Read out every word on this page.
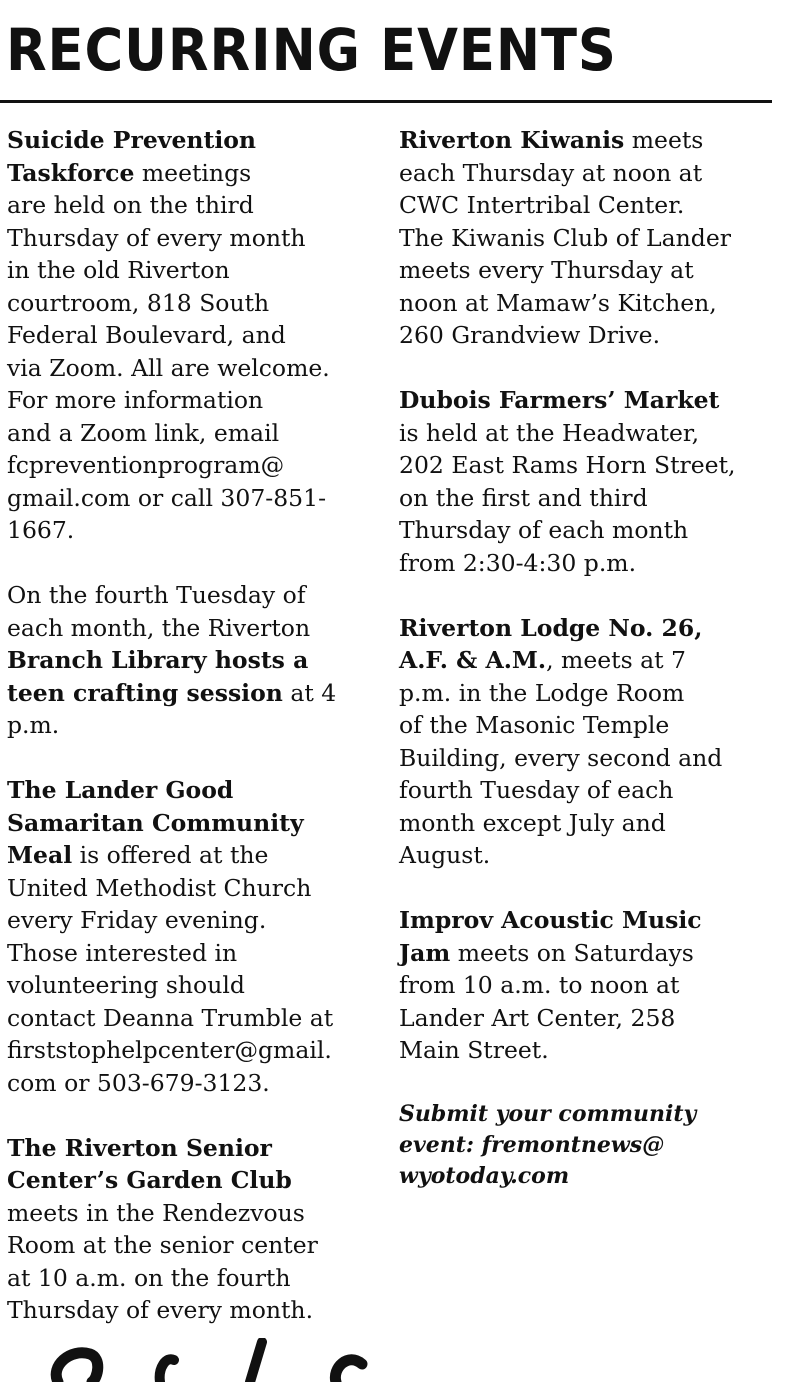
RECURRING EVENTS

Suicide Prevention
Taskforce meetings
are held on the third
Thursday of every month
in the old Riverton
courtroom, 818 South
Federal Boulevard, and
via Zoom. All are welcome.
For more information
and a Zoom link, email
fcpreventionprogram@
gmail.com or call 307-851-
1667.

On the fourth Tuesday of
each month, the Riverton
Branch Library hosts a
teen crafting session at 4
p.m.

The Lander Good
Samaritan Community
Meal is offered at the
United Methodist Church
every Friday evening.
Those interested in
volunteering should
contact Deanna Trumble at
firststophelpcenter@gmail.
com or 503-679-3123.

The Riverton Senior
Center’s Garden Club
meets in the Rendezvous
Room at the senior center
at 10 a.m. on the fourth
Thursday of every month.

Riverton Kiwanis meets
each Thursday at noon at
CWC Intertribal Center.
The Kiwanis Club of Lander
meets every Thursday at
noon at Mamaw’s Kitchen,
260 Grandview Drive.

Dubois Farmers’ Market
is held at the Headwater,
202 East Rams Horn Street,
on the first and third
Thursday of each month
from 2:30-4:30 p.m.

Riverton Lodge No. 26,
A.F. & A.M., meets at 7
p.m. in the Lodge Room
of the Masonic Temple
Building, every second and
fourth Tuesday of each
month except July and
August.

Improv Acoustic Music
Jam meets on Saturdays
from 10 a.m. to noon at
Lander Art Center, 258
Main Street.

Submit your community
event: fremontnews@
wyotoday.com
